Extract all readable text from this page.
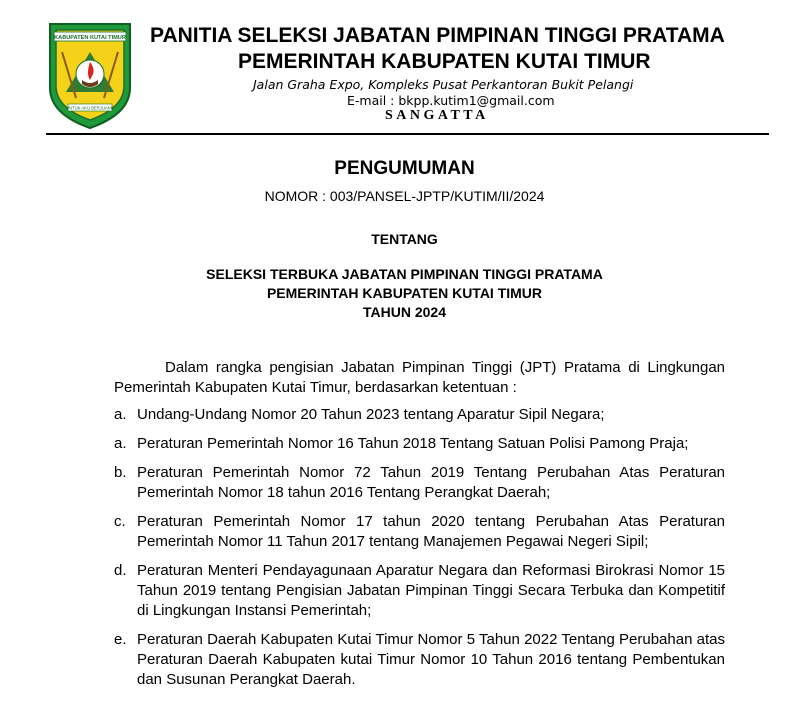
KABUPATEN KUTAI TIMUR
UNTUK AKU BERJUANG
PANITIA SELEKSI JABATAN PIMPINAN TINGGI PRATAMA
PEMERINTAH KABUPATEN KUTAI TIMUR
Jalan Graha Expo, Kompleks Pusat Perkantoran Bukit Pelangi
E-mail : bkpp.kutim1@gmail.com
SANGATTA
PENGUMUMAN
NOMOR : 003/PANSEL-JPTP/KUTIM/II/2024
TENTANG
SELEKSI TERBUKA JABATAN PIMPINAN TINGGI PRATAMA
PEMERINTAH KABUPATEN KUTAI TIMUR
TAHUN 2024
Dalam rangka pengisian Jabatan Pimpinan Tinggi (JPT) Pratama di Lingkungan Pemerintah Kabupaten Kutai Timur, berdasarkan ketentuan :
a. Undang-Undang Nomor 20 Tahun 2023 tentang Aparatur Sipil Negara;
a. Peraturan Pemerintah Nomor 16 Tahun 2018 Tentang Satuan Polisi Pamong Praja;
b. Peraturan Pemerintah Nomor 72 Tahun 2019 Tentang Perubahan Atas Peraturan Pemerintah Nomor 18 tahun 2016 Tentang Perangkat Daerah;
c. Peraturan Pemerintah Nomor 17 tahun 2020 tentang Perubahan Atas Peraturan Pemerintah Nomor 11 Tahun 2017 tentang Manajemen Pegawai Negeri Sipil;
d. Peraturan Menteri Pendayagunaan Aparatur Negara dan Reformasi Birokrasi Nomor 15 Tahun 2019 tentang Pengisian Jabatan Pimpinan Tinggi Secara Terbuka dan Kompetitif di Lingkungan Instansi Pemerintah;
e. Peraturan Daerah Kabupaten Kutai Timur Nomor 5 Tahun 2022 Tentang Perubahan atas Peraturan Daerah Kabupaten kutai Timur Nomor 10 Tahun 2016 tentang Pembentukan dan Susunan Perangkat Daerah.
